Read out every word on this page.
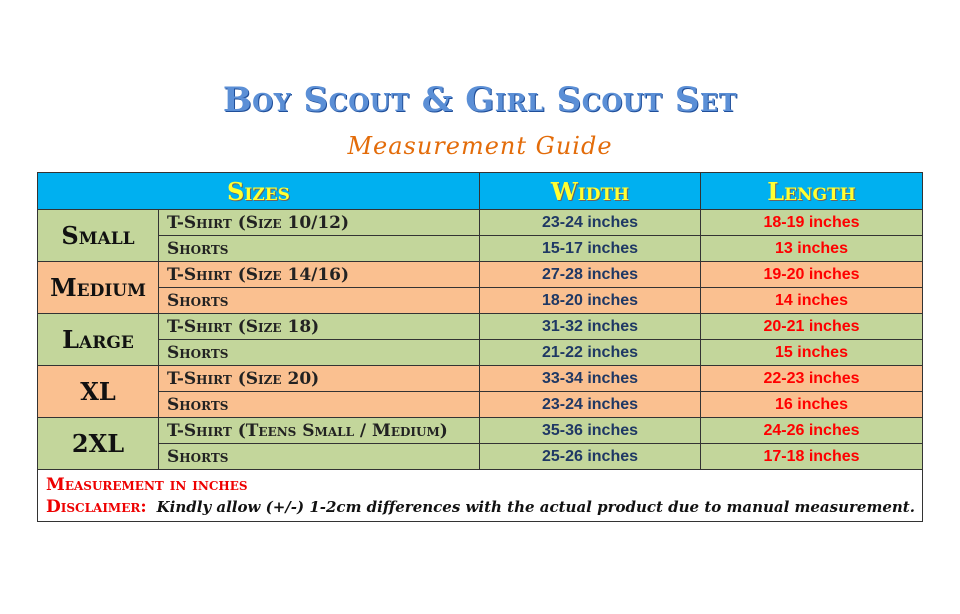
Boy Scout & Girl Scout Set
Measurement Guide
Sizes		Width	Length
Small	T-Shirt (Size 10/12)	23-24 inches	18-19 inches
	Shorts	15-17 inches	13 inches
Medium	T-Shirt (Size 14/16)	27-28 inches	19-20 inches
	Shorts	18-20 inches	14 inches
Large	T-Shirt (Size 18)	31-32 inches	20-21 inches
	Shorts	21-22 inches	15 inches
XL	T-Shirt (Size 20)	33-34 inches	22-23 inches
	Shorts	23-24 inches	16 inches
2XL	T-Shirt (Teens Small / Medium)	35-36 inches	24-26 inches
	Shorts	25-26 inches	17-18 inches

Measurement in inches
Disclaimer: Kindly allow (+/-) 1-2cm differences with the actual product due to manual measurement.			
